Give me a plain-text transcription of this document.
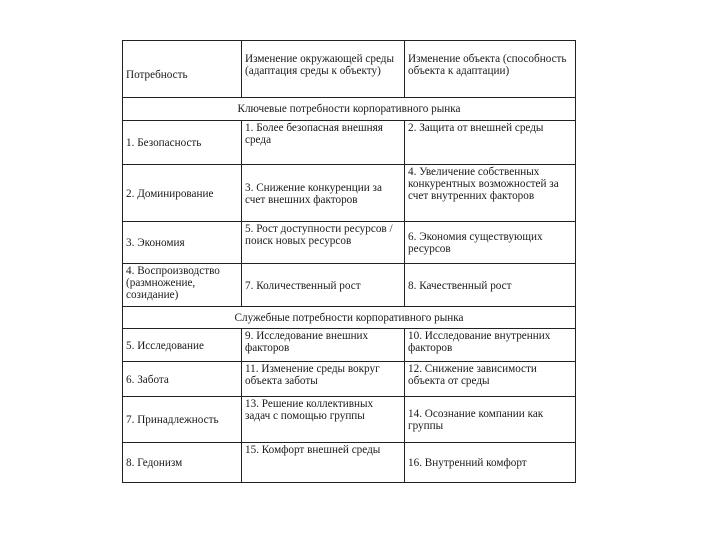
Потребность	Изменение окружающей среды (адаптация среды к объекту)	Изменение объекта (способность объекта к адаптации)
Ключевые потребности корпоративного рынка		
1. Безопасность	1. Более безопасная внешняя среда	2. Защита от внешней среды
2. Доминирование	3. Снижение конкуренции за счет внешних факторов	4. Увеличение собственных конкурентных возможностей за счет внутренних факторов
3. Экономия	5. Рост доступности ресурсов / поиск новых ресурсов	6. Экономия существующих ресурсов
4. Воспроизводство (размножение, созидание)	7. Количественный рост	8. Качественный рост
Служебные потребности корпоративного рынка		
5. Исследование	9. Исследование внешних факторов	10. Исследование внутренних факторов
6. Забота	11. Изменение среды вокруг объекта заботы	12. Снижение зависимости объекта от среды
7. Принадлежность	13. Решение коллективных задач с помощью группы	14. Осознание компании как группы
8. Гедонизм	15. Комфорт внешней среды	16. Внутренний комфорт
